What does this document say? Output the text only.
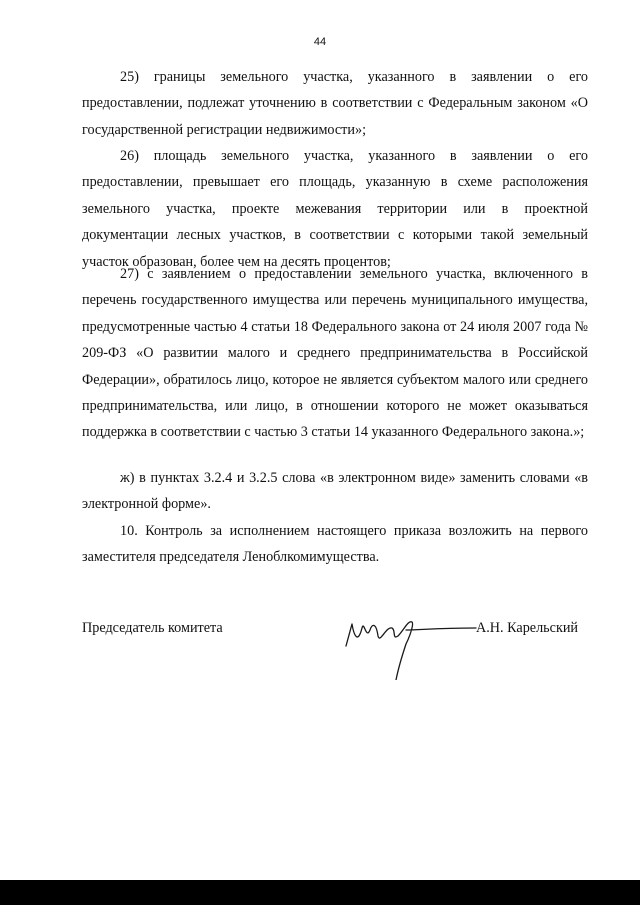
44

25) границы земельного участка, указанного в заявлении о его предоставлении, подлежат уточнению в соответствии с Федеральным законом «О государственной регистрации недвижимости»;

26) площадь земельного участка, указанного в заявлении о его предоставлении, превышает его площадь, указанную в схеме расположения земельного участка, проекте межевания территории или в проектной документации лесных участков, в соответствии с которыми такой земельный участок образован, более чем на десять процентов;

27) с заявлением о предоставлении земельного участка, включенного в перечень государственного имущества или перечень муниципального имущества, предусмотренные частью 4 статьи 18 Федерального закона от 24 июля 2007 года № 209-ФЗ «О развитии малого и среднего предпринимательства в Российской Федерации», обратилось лицо, которое не является субъектом малого или среднего предпринимательства, или лицо, в отношении которого не может оказываться поддержка в соответствии с частью 3 статьи 14 указанного Федерального закона.»;

ж) в пунктах 3.2.4 и 3.2.5 слова «в электронном виде» заменить словами «в электронной форме».

10. Контроль за исполнением настоящего приказа возложить на первого заместителя председателя Ленoблкомимущества.

Председатель комитета	А.Н. Карельский
